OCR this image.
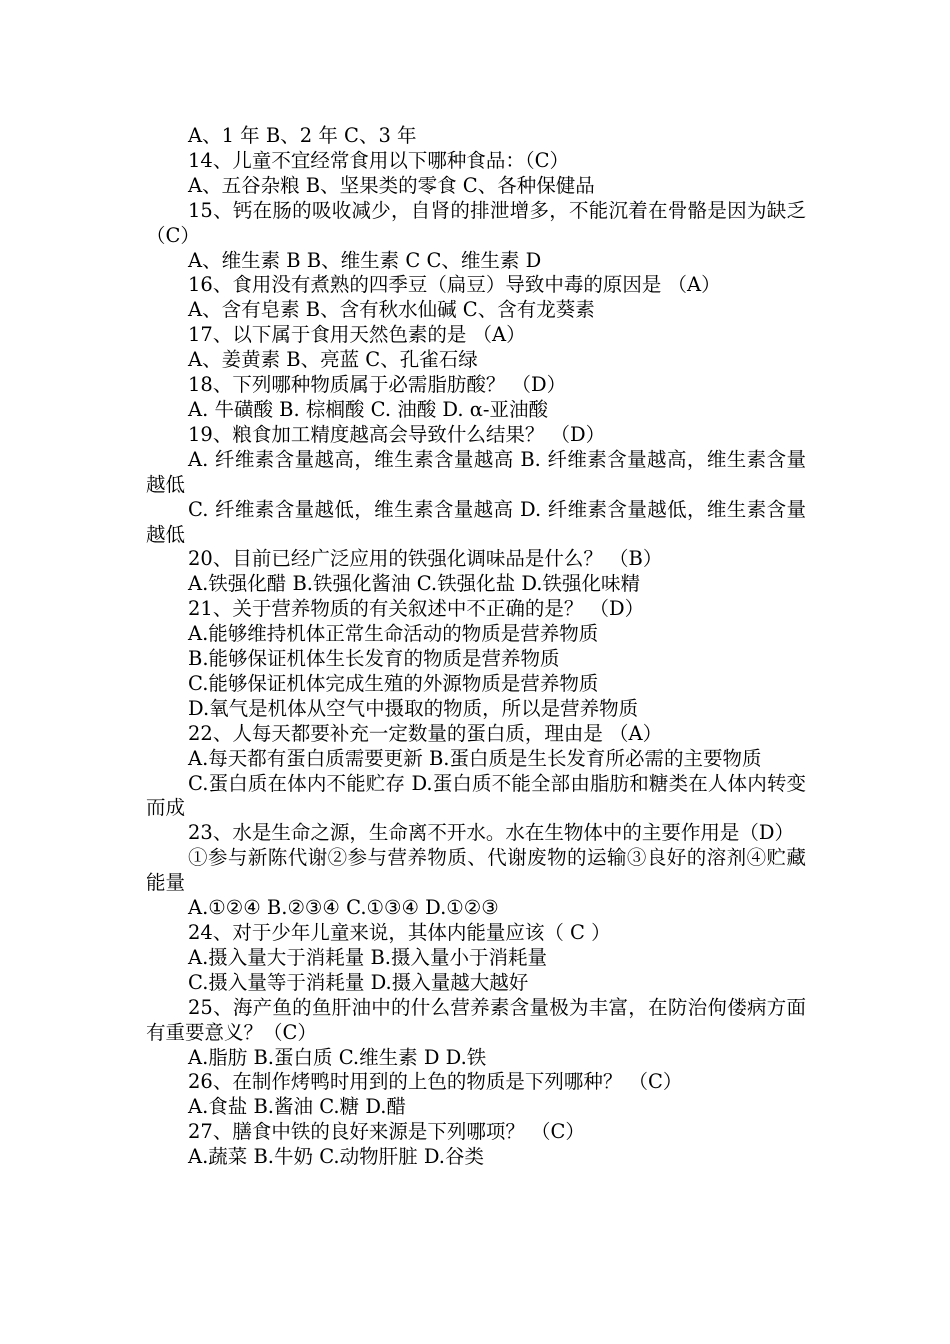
A、1 年 B、2 年 C、3 年

14、儿童不宜经常食用以下哪种食品：（C）

A、五谷杂粮 B、坚果类的零食 C、各种保健品

15、钙在肠的吸收减少，自肾的排泄增多，不能沉着在骨骼是因为缺乏（C）

A、维生素 B B、维生素 C C、维生素 D

16、食用没有煮熟的四季豆（扁豆）导致中毒的原因是 （A）

A、含有皂素 B、含有秋水仙碱 C、含有龙葵素

17、以下属于食用天然色素的是 （A）

A、姜黄素 B、亮蓝 C、孔雀石绿

18、下列哪种物质属于必需脂肪酸？ （D）

A. 牛磺酸 B. 棕榈酸 C. 油酸 D. α-亚油酸

19、粮食加工精度越高会导致什么结果？ （D）

A. 纤维素含量越高，维生素含量越高 B. 纤维素含量越高，维生素含量越低

C. 纤维素含量越低，维生素含量越高 D. 纤维素含量越低，维生素含量越低

20、目前已经广泛应用的铁强化调味品是什么？ （B）

A.铁强化醋 B.铁强化酱油 C.铁强化盐 D.铁强化味精

21、关于营养物质的有关叙述中不正确的是？ （D）

A.能够维持机体正常生命活动的物质是营养物质

B.能够保证机体生长发育的物质是营养物质

C.能够保证机体完成生殖的外源物质是营养物质

D.氧气是机体从空气中摄取的物质，所以是营养物质

22、人每天都要补充一定数量的蛋白质，理由是 （A）

A.每天都有蛋白质需要更新 B.蛋白质是生长发育所必需的主要物质

C.蛋白质在体内不能贮存 D.蛋白质不能全部由脂肪和糖类在人体内转变而成

23、水是生命之源，生命离不开水。水在生物体中的主要作用是（D）

①参与新陈代谢②参与营养物质、代谢废物的运输③良好的溶剂④贮藏能量

A.①②④ B.②③④ C.①③④ D.①②③

24、对于少年儿童来说，其体内能量应该（ C ）

A.摄入量大于消耗量 B.摄入量小于消耗量

C.摄入量等于消耗量 D.摄入量越大越好

25、海产鱼的鱼肝油中的什么营养素含量极为丰富，在防治佝偻病方面有重要意义？（C）

A.脂肪 B.蛋白质 C.维生素 D D.铁

26、在制作烤鸭时用到的上色的物质是下列哪种？ （C）

A.食盐 B.酱油 C.糖 D.醋

27、膳食中铁的良好来源是下列哪项？ （C）

A.蔬菜 B.牛奶 C.动物肝脏 D.谷类
